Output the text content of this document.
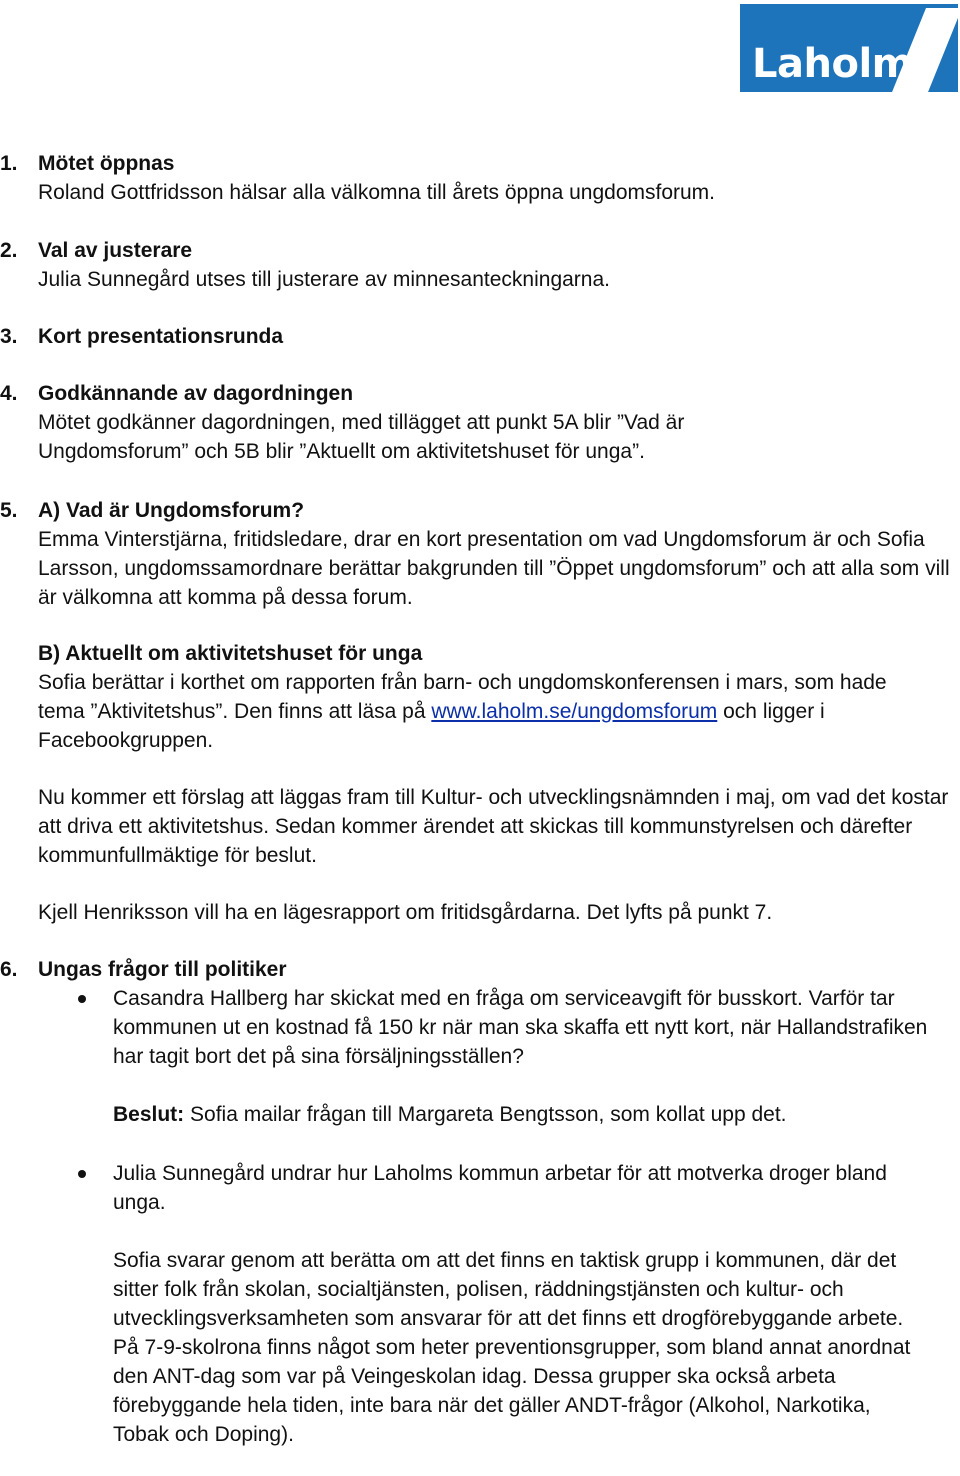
Laholm
1. Mötet öppnas

Roland Gottfridsson hälsar alla välkomna till årets öppna ungdomsforum.

2. Val av justerare

Julia Sunnegård utses till justerare av minnesanteckningarna.

3. Kort presentationsrunda

4. Godkännande av dagordningen

Mötet godkänner dagordningen, med tillägget att punkt 5A blir ”Vad är Ungdomsforum” och 5B blir ”Aktuellt om aktivitetshuset för unga”.

5. A) Vad är Ungdomsforum?

Emma Vinterstjärna, fritidsledare, drar en kort presentation om vad Ungdomsforum är och Sofia Larsson, ungdomssamordnare berättar bakgrunden till ”Öppet ungdomsforum” och att alla som vill är välkomna att komma på dessa forum.

B) Aktuellt om aktivitetshuset för unga

Sofia berättar i korthet om rapporten från barn- och ungdomskonferensen i mars, som hade tema ”Aktivitetshus”. Den finns att läsa på www.laholm.se/ungdomsforum och ligger i Facebookgruppen.

Nu kommer ett förslag att läggas fram till Kultur- och utvecklingsnämnden i maj, om vad det kostar att driva ett aktivitetshus. Sedan kommer ärendet att skickas till kommunstyrelsen och därefter kommunfullmäktige för beslut.

Kjell Henriksson vill ha en lägesrapport om fritidsgårdarna. Det lyfts på punkt 7.

6. Ungas frågor till politiker

Casandra Hallberg har skickat med en fråga om serviceavgift för busskort. Varför tar kommunen ut en kostnad få 150 kr när man ska skaffa ett nytt kort, när Hallandstrafiken har tagit bort det på sina försäljningsställen?

Beslut: Sofia mailar frågan till Margareta Bengtsson, som kollat upp det.

Julia Sunnegård undrar hur Laholms kommun arbetar för att motverka droger bland unga.

Sofia svarar genom att berätta om att det finns en taktisk grupp i kommunen, där det sitter folk från skolan, socialtjänsten, polisen, räddningstjänsten och kultur- och utvecklingsverksamheten som ansvarar för att det finns ett drogförebyggande arbete. På 7-9-skolrona finns något som heter preventionsgrupper, som bland annat anordnat den ANT-dag som var på Veingeskolan idag. Dessa grupper ska också arbeta förebyggande hela tiden, inte bara när det gäller ANDT-frågor (Alkohol, Narkotika, Tobak och Doping).
